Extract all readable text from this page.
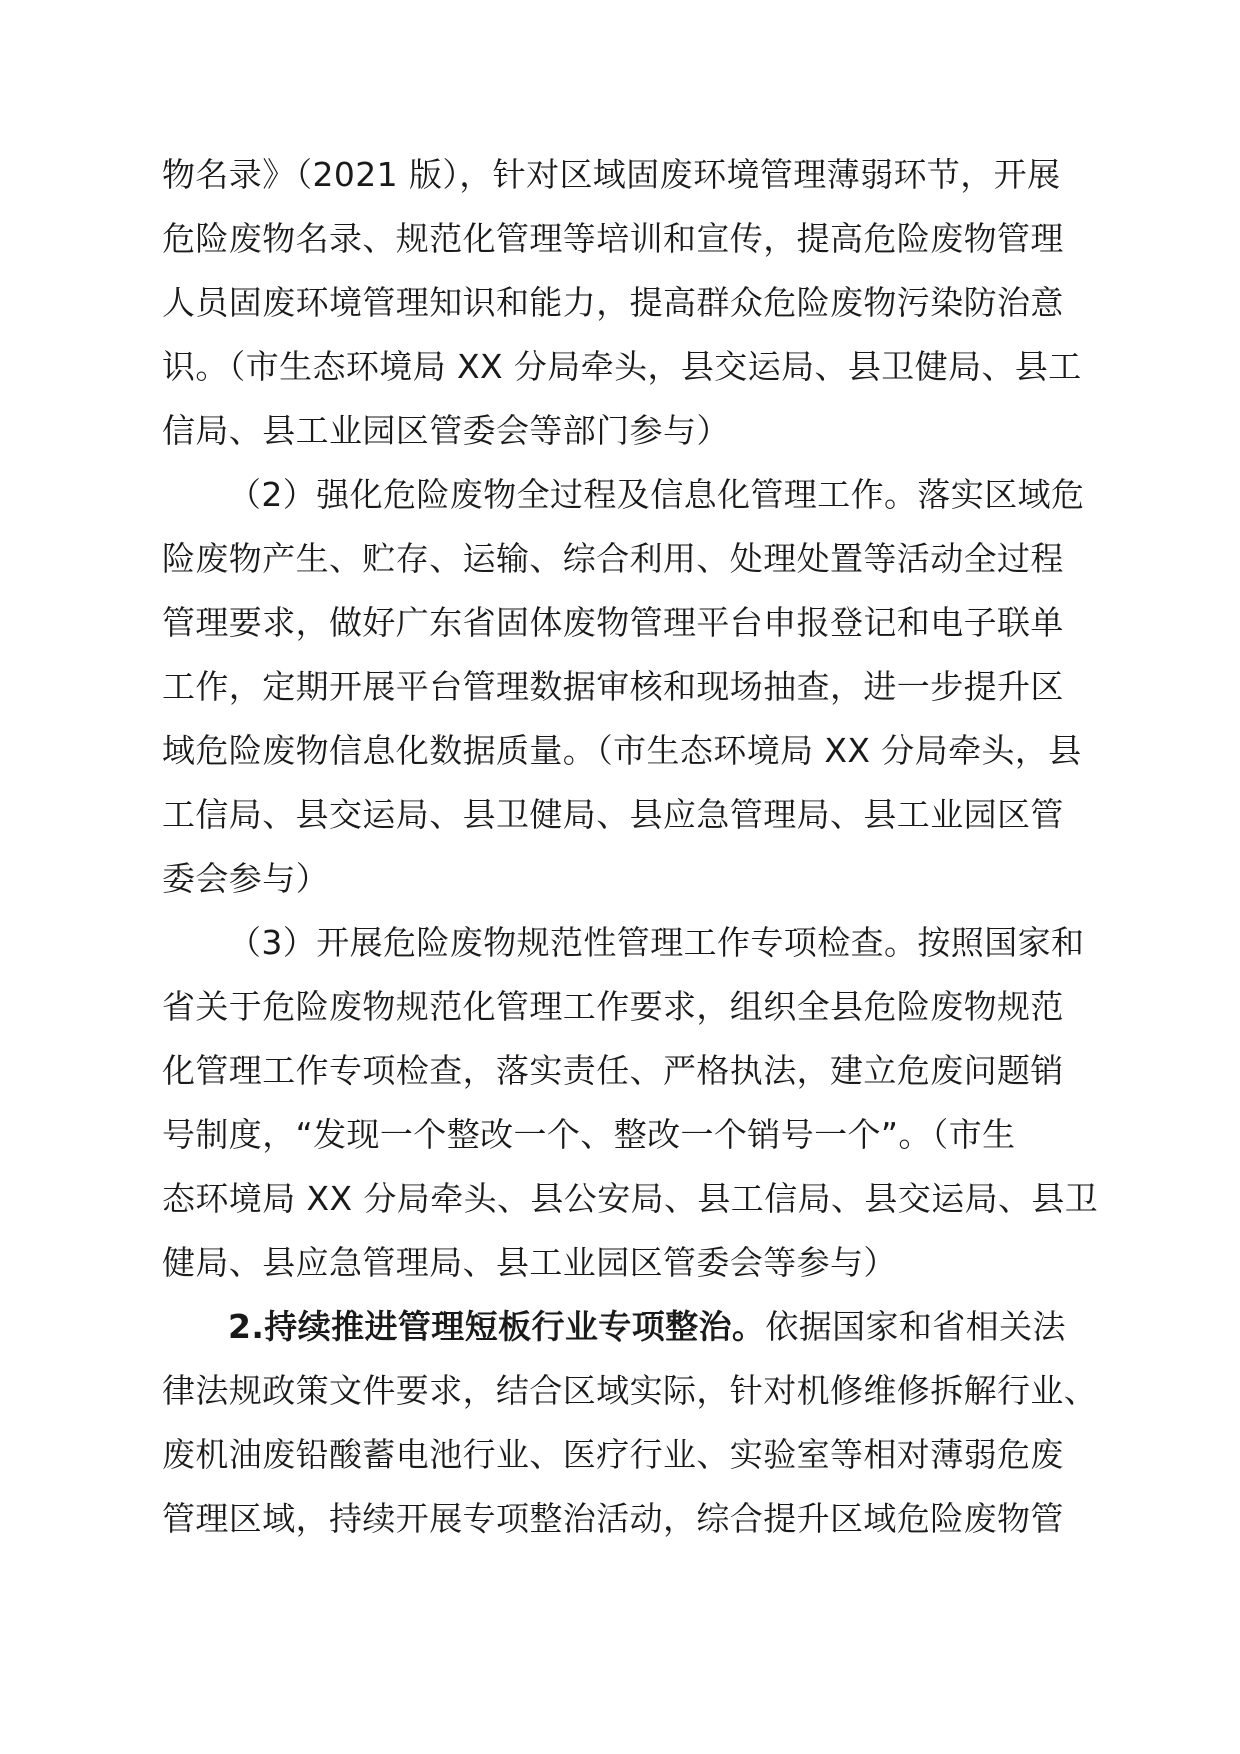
物名录》（2021 版），针对区域固废环境管理薄弱环节，开展
危险废物名录、规范化管理等培训和宣传，提高危险废物管理
人员固废环境管理知识和能力，提高群众危险废物污染防治意
识。（市生态环境局 XX 分局牵头，县交运局、县卫健局、县工
信局、县工业园区管委会等部门参与）
（2）强化危险废物全过程及信息化管理工作。落实区域危
险废物产生、贮存、运输、综合利用、处理处置等活动全过程
管理要求，做好广东省固体废物管理平台申报登记和电子联单
工作，定期开展平台管理数据审核和现场抽查，进一步提升区
域危险废物信息化数据质量。（市生态环境局 XX 分局牵头，县
工信局、县交运局、县卫健局、县应急管理局、县工业园区管
委会参与）
（3）开展危险废物规范性管理工作专项检查。按照国家和
省关于危险废物规范化管理工作要求，组织全县危险废物规范
化管理工作专项检查，落实责任、严格执法，建立危废问题销
号制度，“发现一个整改一个、整改一个销号一个”。（市生
态环境局 XX 分局牵头、县公安局、县工信局、县交运局、县卫
健局、县应急管理局、县工业园区管委会等参与）
2.持续推进管理短板行业专项整治。依据国家和省相关法
律法规政策文件要求，结合区域实际，针对机修维修拆解行业、
废机油废铅酸蓄电池行业、医疗行业、实验室等相对薄弱危废
管理区域，持续开展专项整治活动，综合提升区域危险废物管
